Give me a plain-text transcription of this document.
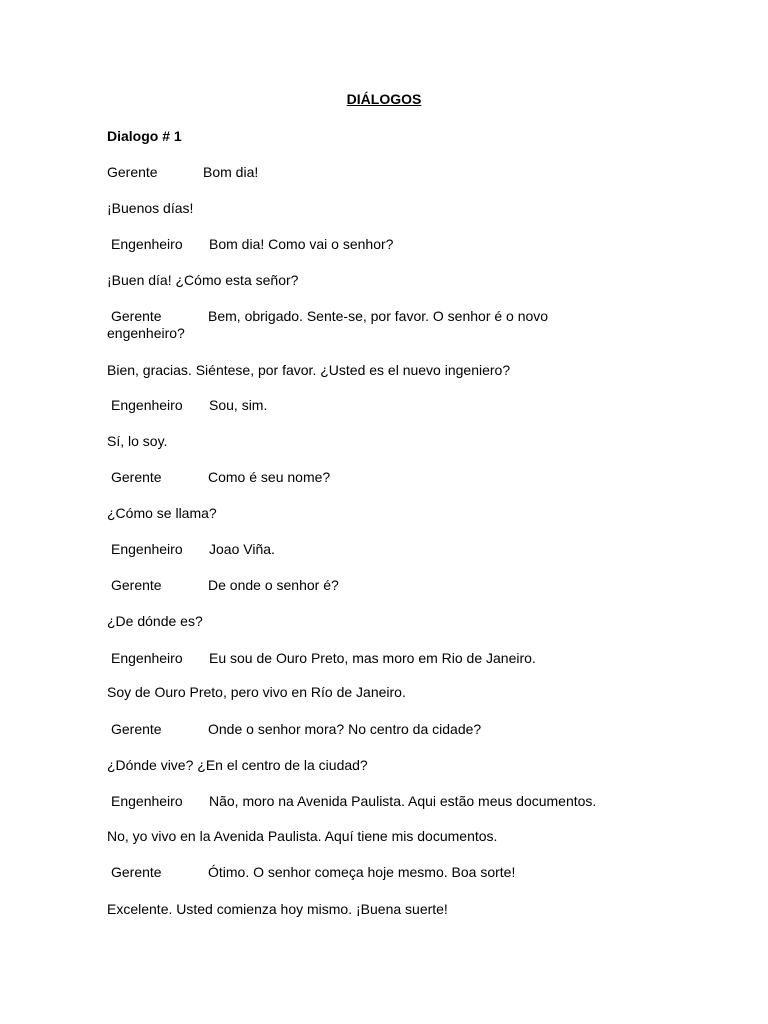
DIÁLOGOS
Dialogo # 1
Gerente	Bom dia!
¡Buenos días!
Engenheiro Bom dia! Como vai o senhor?
¡Buen día! ¿Cómo esta señor?
Gerente	Bem, obrigado. Sente-se, por favor. O senhor é o novo engenheiro?
Bien, gracias. Siéntese, por favor. ¿Usted es el nuevo ingeniero?
Engenheiro Sou, sim.
Sí, lo soy.
Gerente	Como é seu nome?
¿Cómo se llama?
Engenheiro Joao Viña.
Gerente	De onde o senhor é?
¿De dónde es?
Engenheiro Eu sou de Ouro Preto, mas moro em Rio de Janeiro.
Soy de Ouro Preto, pero vivo en Río de Janeiro.
Gerente	Onde o senhor mora? No centro da cidade?
¿Dónde vive? ¿En el centro de la ciudad?
Engenheiro Não, moro na Avenida Paulista. Aqui estão meus documentos.
No, yo vivo en la Avenida Paulista. Aquí tiene mis documentos.
Gerente	Ótimo. O senhor começa hoje mesmo. Boa sorte!
Excelente. Usted comienza hoy mismo. ¡Buena suerte!
